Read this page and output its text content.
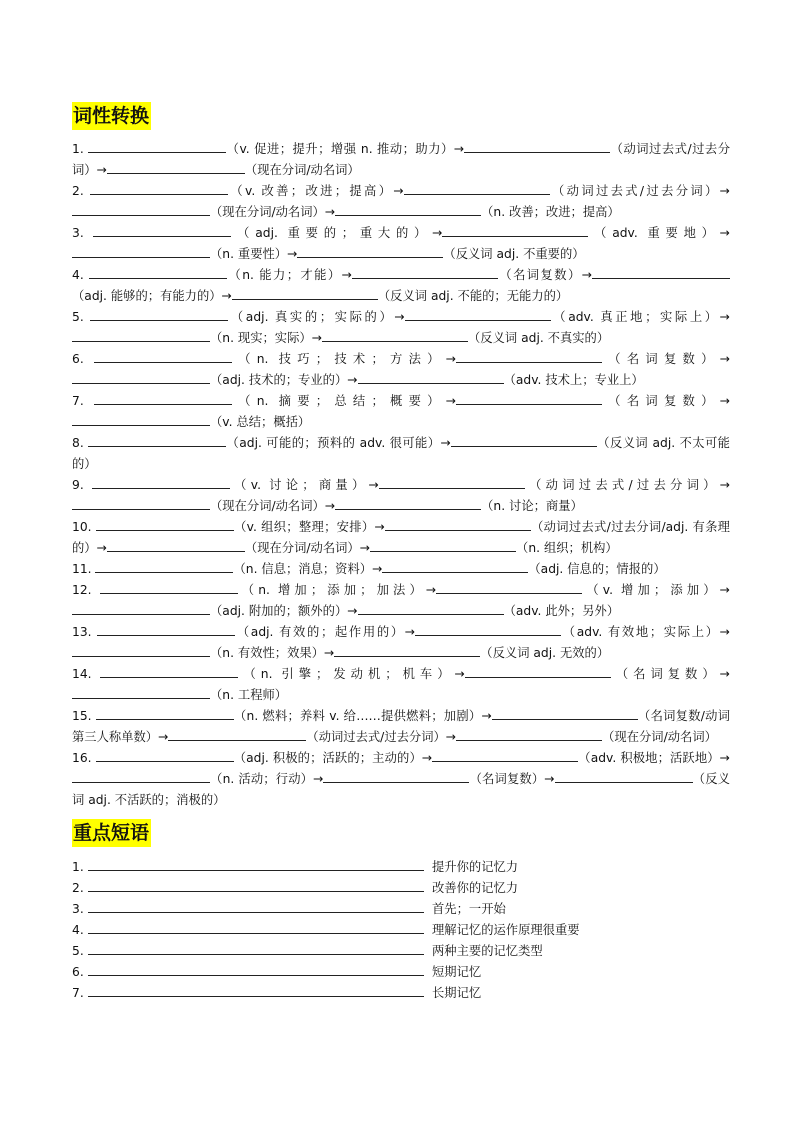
词性转换
1.	（v. 促进；提升；增强 n. 推动；助力）→	（动词过去式/过去分词）→	（现在分词/动名词）
2.	（v. 改善；改进；提高）→	（动词过去式/过去分词）→（现在分词/动名词）→	（n. 改善；改进；提高）
3.	（adj. 重要的；重大的）→	（adv. 重要地）→（n. 重要性）→	（反义词 adj. 不重要的）
4.	（n. 能力；才能）→	（名词复数）→（adj. 能够的；有能力的）→	（反义词 adj. 不能的；无能力的）
5.	（adj. 真实的；实际的）→	（adv. 真正地；实际上）→（n. 现实；实际）→	（反义词 adj. 不真实的）
6.	（n. 技巧；技术；方法）→	（名词复数）→（adj. 技术的；专业的）→	（adv. 技术上；专业上）
7.	（n. 摘要；总结；概要）→	（名词复数）→（v. 总结；概括）
8.	（adj. 可能的；预料的 adv. 很可能）→	（反义词 adj. 不太可能的）
9.	（v. 讨论；商量）→	（动词过去式/过去分词）→（现在分词/动名词）→	（n. 讨论；商量）
10.	（v. 组织；整理；安排）→	（动词过去式/过去分词/adj. 有条理的）→	（现在分词/动名词）→	（n. 组织；机构）
11.	（n. 信息；消息；资料）→	（adj. 信息的；情报的）
12.	（n. 增加；添加；加法）→	（v. 增加；添加）→（adj. 附加的；额外的）→	（adv. 此外；另外）
13.	（adj. 有效的；起作用的）→	（adv. 有效地；实际上）→（n. 有效性；效果）→	（反义词 adj. 无效的）
14.	（n. 引擎；发动机；机车）→	（名词复数）→（n. 工程师）
15.	（n. 燃料；养料 v. 给……提供燃料；加剧）→	（名词复数/动词第三人称单数）→	（动词过去式/过去分词）→	（现在分词/动名词）
16.	（adj. 积极的；活跃的；主动的）→	（adv. 积极地；活跃地）→（n. 活动；行动）→	（名词复数）→	（反义词 adj. 不活跃的；消极的）
重点短语
1.	提升你的记忆力
2.	改善你的记忆力
3.	首先；一开始
4.	理解记忆的运作原理很重要
5.	两种主要的记忆类型
6.	短期记忆
7.	长期记忆
